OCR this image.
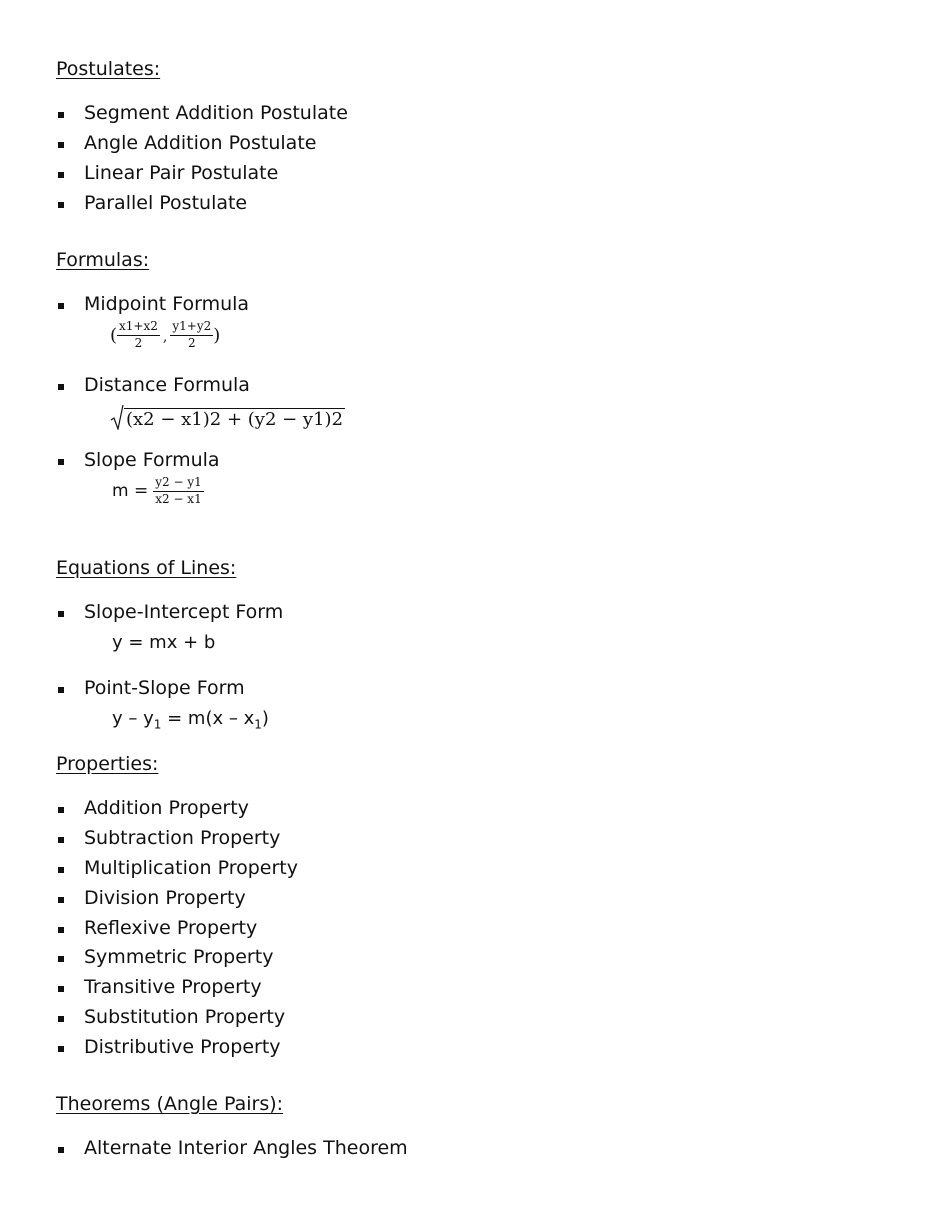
Postulates:
Segment Addition Postulate
Angle Addition Postulate
Linear Pair Postulate
Parallel Postulate
Formulas:
Midpoint Formula
( $\frac{x1+x2}{2}$ , $\frac{y1+y2}{2}$ )
Distance Formula
(x2 − x1)2 + (y2 − y1)2
Slope Formula
$m = \frac{y2 - y1}{x2 - x1}$
Equations of Lines:
Slope-Intercept Form
y = mx + b
Point-Slope Form
$y - y_1 = m(x - x_1)$
Properties:
Addition Property
Subtraction Property
Multiplication Property
Division Property
Reflexive Property
Symmetric Property
Transitive Property
Substitution Property
Distributive Property
Theorems (Angle Pairs):
Alternate Interior Angles Theorem
